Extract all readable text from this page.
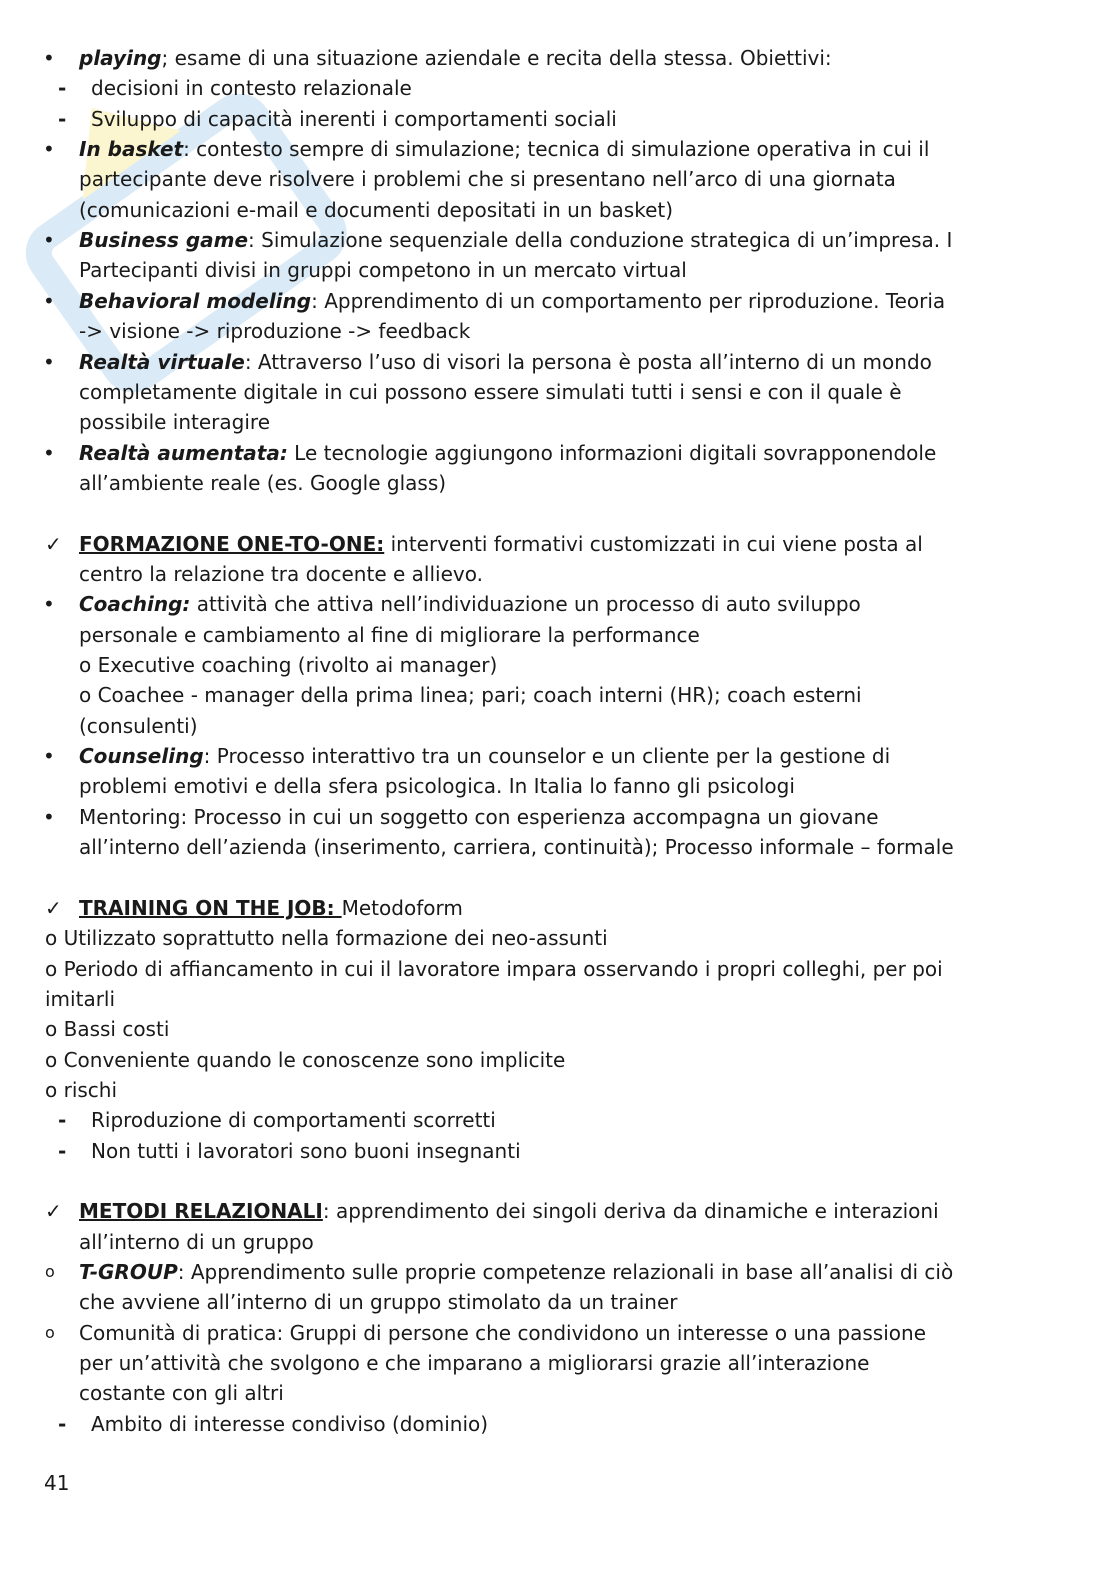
• playing; esame di una situazione aziendale e recita della stessa. Obiettivi:
- decisioni in contesto relazionale
- Sviluppo di capacità inerenti i comportamenti sociali
• In basket: contesto sempre di simulazione; tecnica di simulazione operativa in cui il
partecipante deve risolvere i problemi che si presentano nell’arco di una giornata
(comunicazioni e-mail e documenti depositati in un basket)
• Business game: Simulazione sequenziale della conduzione strategica di un’impresa. I
Partecipanti divisi in gruppi competono in un mercato virtual
• Behavioral modeling: Apprendimento di un comportamento per riproduzione. Teoria
-> visione -> riproduzione -> feedback
• Realtà virtuale: Attraverso l’uso di visori la persona è posta all’interno di un mondo
completamente digitale in cui possono essere simulati tutti i sensi e con il quale è
possibile interagire
• Realtà aumentata: Le tecnologie aggiungono informazioni digitali sovrapponendole
all’ambiente reale (es. Google glass)
✓ FORMAZIONE ONE-TO-ONE: interventi formativi customizzati in cui viene posta al
centro la relazione tra docente e allievo.
• Coaching: attività che attiva nell’individuazione un processo di auto sviluppo
personale e cambiamento al fine di migliorare la performance
o Executive coaching (rivolto ai manager)
o Coachee - manager della prima linea; pari; coach interni (HR); coach esterni
(consulenti)
• Counseling: Processo interattivo tra un counselor e un cliente per la gestione di
problemi emotivi e della sfera psicologica. In Italia lo fanno gli psicologi
• Mentoring: Processo in cui un soggetto con esperienza accompagna un giovane
all’interno dell’azienda (inserimento, carriera, continuità); Processo informale – formale
✓ TRAINING ON THE JOB: Metodoform
o Utilizzato soprattutto nella formazione dei neo-assunti
o Periodo di affiancamento in cui il lavoratore impara osservando i propri colleghi, per poi
imitarli
o Bassi costi
o Conveniente quando le conoscenze sono implicite
o rischi
- Riproduzione di comportamenti scorretti
- Non tutti i lavoratori sono buoni insegnanti
✓ METODI RELAZIONALI: apprendimento dei singoli deriva da dinamiche e interazioni
all’interno di un gruppo
o T-GROUP: Apprendimento sulle proprie competenze relazionali in base all’analisi di ciò
che avviene all’interno di un gruppo stimolato da un trainer
o Comunità di pratica: Gruppi di persone che condividono un interesse o una passione
per un’attività che svolgono e che imparano a migliorarsi grazie all’interazione
costante con gli altri
- Ambito di interesse condiviso (dominio)
41
